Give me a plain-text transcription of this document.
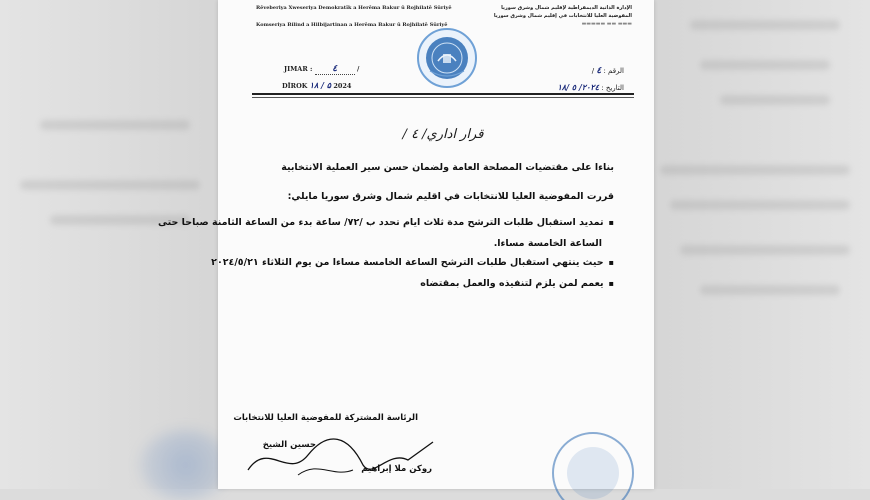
Rêveberiya Xweseriya Demokratîk a Herêma Bakur û Rojhilatê Sûriyê
Komseriya Bilind a Hilbijartinan a Herêma Bakur û Rojhilatê Sûriyê
الإدارة الذاتية الديمقراطية لإقليم شمال وشرق سوريا
المفوضية العليا للانتخابات في إقليم شمال وشرق سوريا
▬▬▬ ▬▬ ▬▬▬▬▬
JIMAR : ٤	/
DÎROK ۱۸ / ۵ 2024
الرقم : ٤ /
التاريخ : ٢٠٢٤/ ٥ /١٨
قرار اداري/ ٤ /
بناءا على مقتضيات المصلحة العامة ولضمان حسن سير العملية الانتخابية
قررت المفوضية العليا للانتخابات في اقليم شمال وشرق سوريا مايلي:
▪ تمديد استقبال طلبات الترشح مدة ثلاث ايام تحدد ب /٧٢/ ساعة بدء من الساعة الثامنة صباحا حتى
الساعة الخامسة مساءا.
▪ حيث ينتهي استقبال طلبات الترشح الساعة الخامسة مساءا من يوم الثلاثاء ٢٠٢٤/٥/٢١
▪ يعمم لمن يلزم لتنفيذه والعمل بمقتضاه
الرئاسة المشتركة للمفوضية العليا للانتخابات
روكن ملا إبراهيم
حسين الشيخ
